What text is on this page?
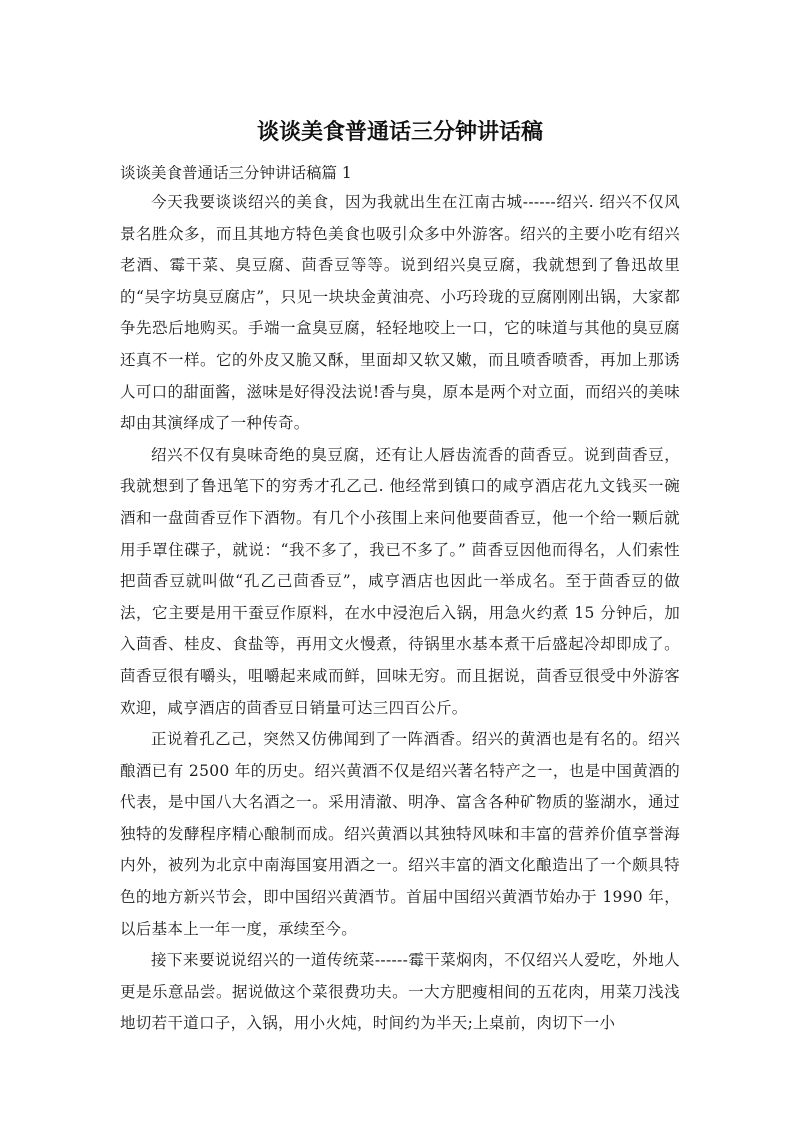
谈谈美食普通话三分钟讲话稿

谈谈美食普通话三分钟讲话稿篇 1

今天我要谈谈绍兴的美食，因为我就出生在江南古城------绍兴. 绍兴不仅风景名胜众多，而且其地方特色美食也吸引众多中外游客。绍兴的主要小吃有绍兴老酒、霉干菜、臭豆腐、茴香豆等等。说到绍兴臭豆腐，我就想到了鲁迅故里的“吴字坊臭豆腐店”，只见一块块金黄油亮、小巧玲珑的豆腐刚刚出锅，大家都争先恐后地购买。手端一盒臭豆腐，轻轻地咬上一口，它的味道与其他的臭豆腐还真不一样。它的外皮又脆又酥，里面却又软又嫩，而且喷香喷香，再加上那诱人可口的甜面酱，滋味是好得没法说!香与臭，原本是两个对立面，而绍兴的美味却由其演绎成了一种传奇。

绍兴不仅有臭味奇绝的臭豆腐，还有让人唇齿流香的茴香豆。说到茴香豆，我就想到了鲁迅笔下的穷秀才孔乙己. 他经常到镇口的咸亨酒店花九文钱买一碗酒和一盘茴香豆作下酒物。有几个小孩围上来问他要茴香豆，他一个给一颗后就用手罩住碟子，就说：“我不多了，我已不多了。” 茴香豆因他而得名，人们索性把茴香豆就叫做“孔乙己茴香豆”，咸亨酒店也因此一举成名。至于茴香豆的做法，它主要是用干蚕豆作原料，在水中浸泡后入锅，用急火约煮 15 分钟后，加入茴香、桂皮、食盐等，再用文火慢煮，待锅里水基本煮干后盛起冷却即成了。茴香豆很有嚼头，咀嚼起来咸而鲜，回味无穷。而且据说，茴香豆很受中外游客欢迎，咸亨酒店的茴香豆日销量可达三四百公斤。

正说着孔乙己，突然又仿佛闻到了一阵酒香。绍兴的黄酒也是有名的。绍兴酿酒已有 2500 年的历史。绍兴黄酒不仅是绍兴著名特产之一，也是中国黄酒的代表，是中国八大名酒之一。采用清澈、明净、富含各种矿物质的鉴湖水，通过独特的发酵程序精心酿制而成。绍兴黄酒以其独特风味和丰富的营养价值享誉海内外，被列为北京中南海国宴用酒之一。绍兴丰富的酒文化酿造出了一个颇具特色的地方新兴节会，即中国绍兴黄酒节。首届中国绍兴黄酒节始办于 1990 年，以后基本上一年一度，承续至今。

接下来要说说绍兴的一道传统菜------霉干菜焖肉，不仅绍兴人爱吃，外地人更是乐意品尝。据说做这个菜很费功夫。一大方肥瘦相间的五花肉，用菜刀浅浅地切若干道口子，入锅，用小火炖，时间约为半天;上桌前，肉切下一小
